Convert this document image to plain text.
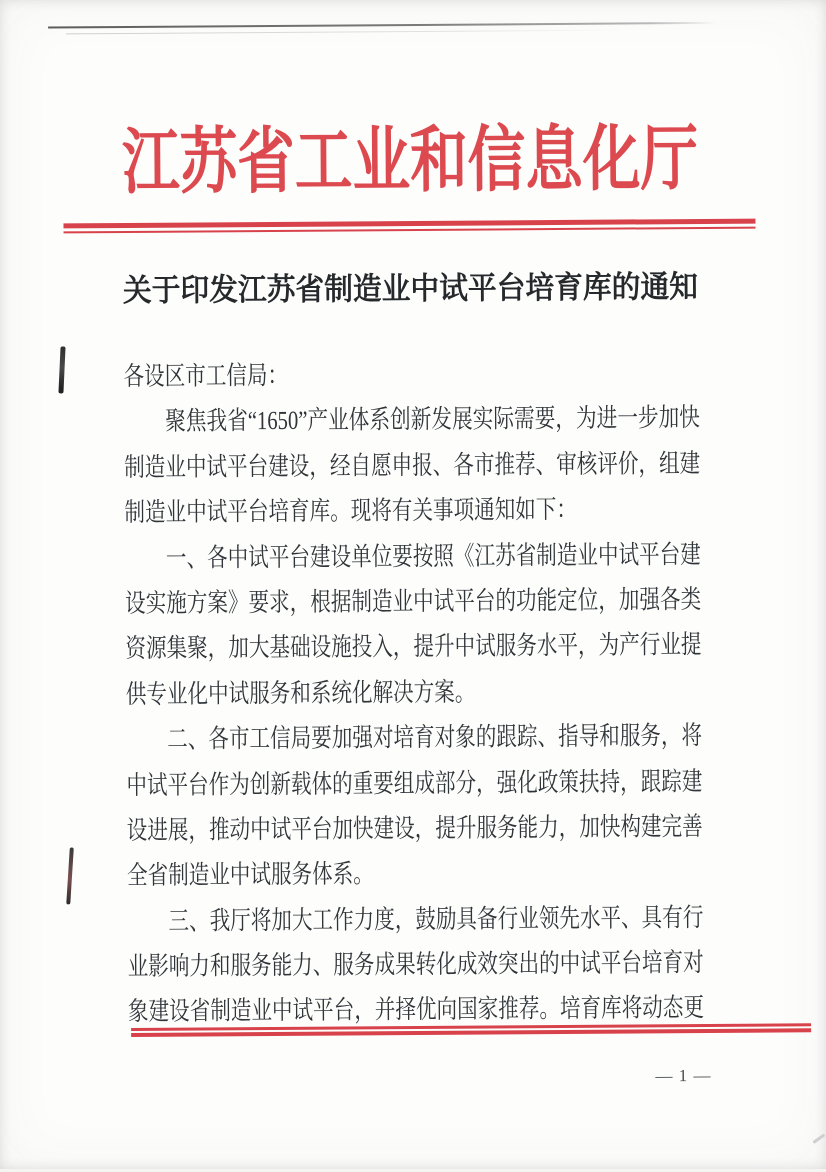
江苏省工业和信息化厅
关于印发江苏省制造业中试平台培育库的通知
各设区市工信局：
　　聚焦我省“1650”产业体系创新发展实际需要，为进一步加快
制造业中试平台建设，经自愿申报、各市推荐、审核评价，组建
制造业中试平台培育库。现将有关事项通知如下：
　　一、各中试平台建设单位要按照《江苏省制造业中试平台建
设实施方案》要求，根据制造业中试平台的功能定位，加强各类
资源集聚，加大基础设施投入，提升中试服务水平，为产行业提
供专业化中试服务和系统化解决方案。
　　二、各市工信局要加强对培育对象的跟踪、指导和服务，将
中试平台作为创新载体的重要组成部分，强化政策扶持，跟踪建
设进展，推动中试平台加快建设，提升服务能力，加快构建完善
全省制造业中试服务体系。
　　三、我厅将加大工作力度，鼓励具备行业领先水平、具有行
业影响力和服务能力、服务成果转化成效突出的中试平台培育对
象建设省制造业中试平台，并择优向国家推荐。培育库将动态更
— 1 —
